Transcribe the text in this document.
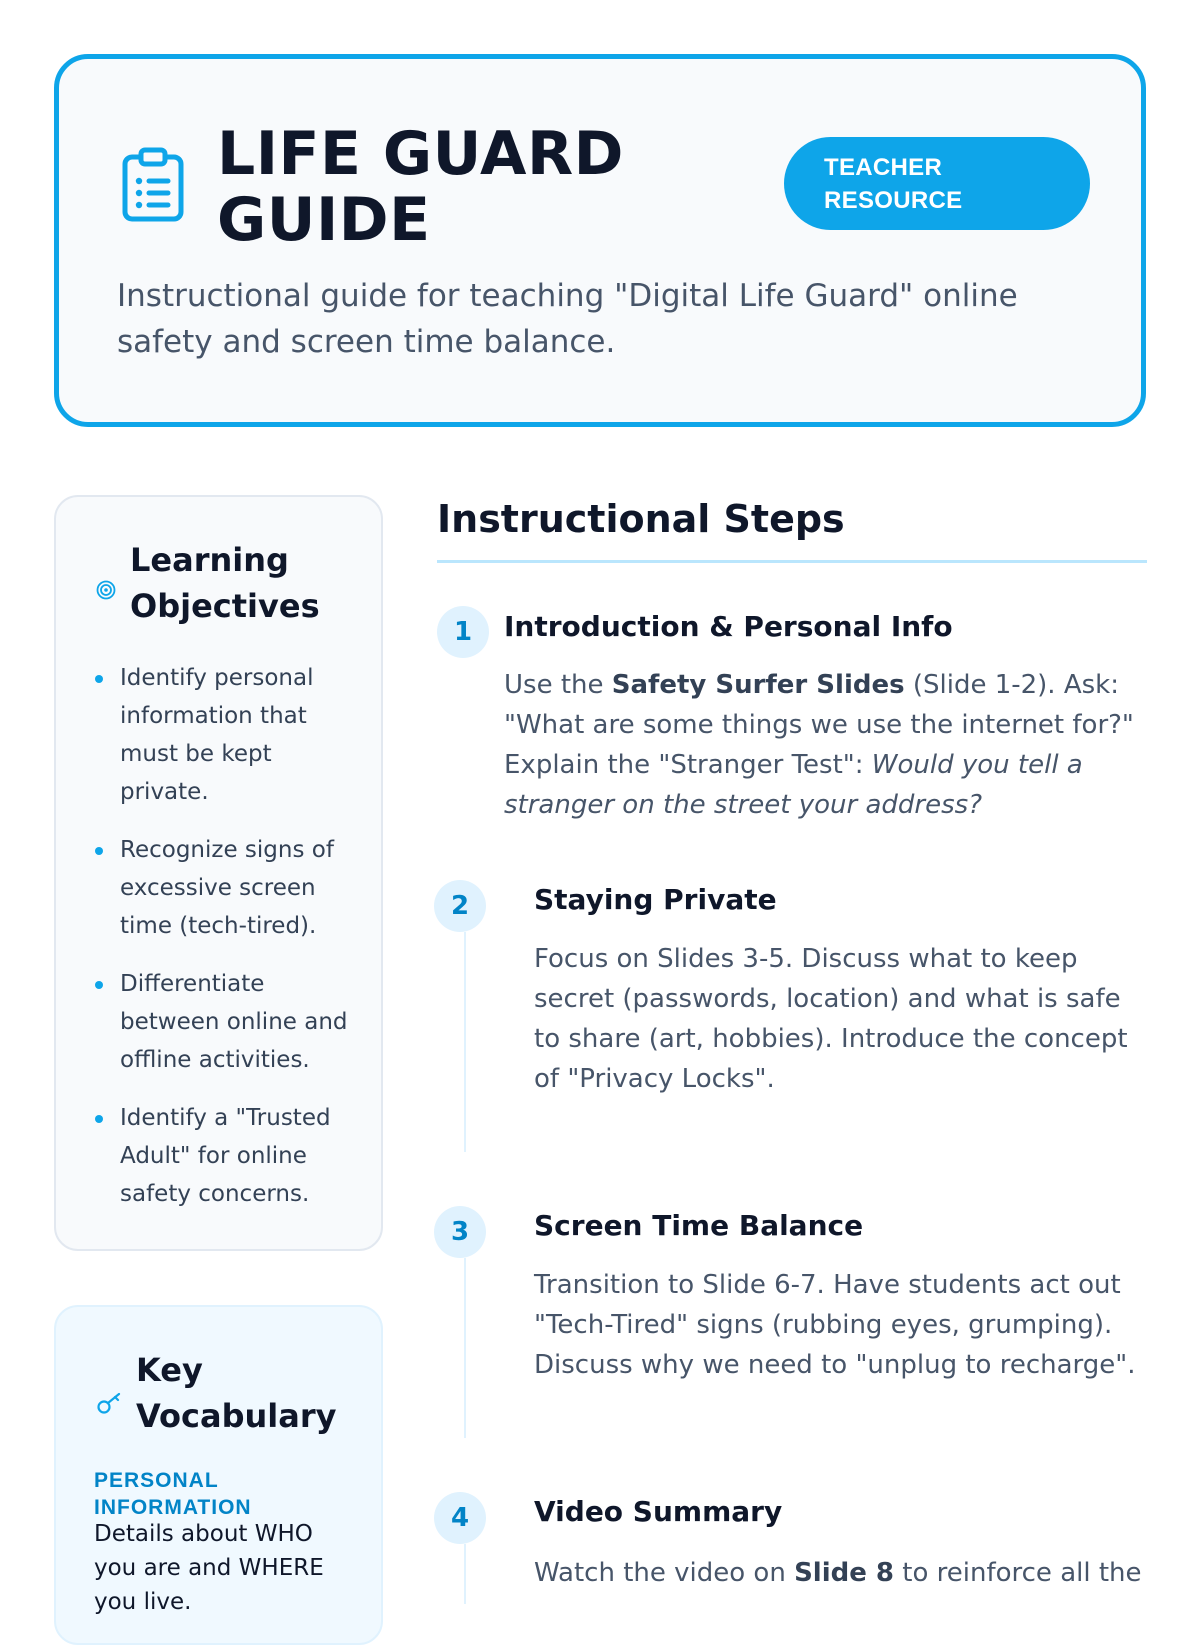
LIFE GUARD
GUIDE
TEACHER
RESOURCE

Instructional guide for teaching "Digital Life Guard" online safety and screen time balance.

Learning Objectives
Identify personal information that must be kept private.
Recognize signs of excessive screen time (tech-tired).
Differentiate between online and offline activities.
Identify a "Trusted Adult" for online safety concerns.
Key Vocabulary
PERSONAL INFORMATION

Details about WHO you are and WHERE you live.

Instructional Steps
1	Introduction & Personal Info

Use the Safety Surfer Slides (Slide 1-2). Ask: "What are some things we use the internet for?" Explain the "Stranger Test": Would you tell a stranger on the street your address?

2	Staying Private

Focus on Slides 3-5. Discuss what to keep secret (passwords, location) and what is safe to share (art, hobbies). Introduce the concept of "Privacy Locks".

3	Screen Time Balance

Transition to Slide 6-7. Have students act out "Tech-Tired" signs (rubbing eyes, grumping). Discuss why we need to "unplug to recharge".

4	Video Summary

Watch the video on Slide 8 to reinforce all the
